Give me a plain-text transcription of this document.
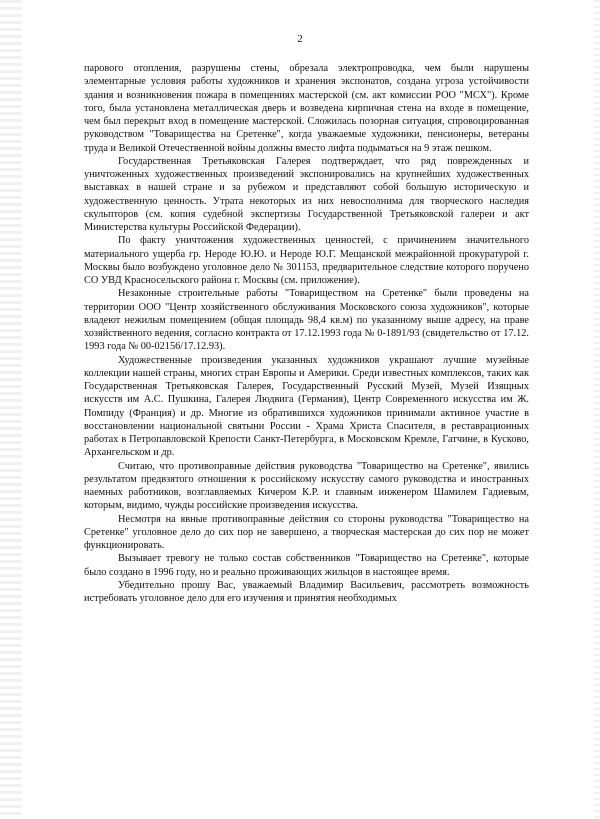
2

парового отопления, разрушены стены, обрезала электропроводка, чем были нарушены элементарные условия работы художников и хранения экспонатов, создана угроза устойчивости здания и возникновения пожара в помещениях мастерской (см. акт комиссии РОО "МСХ"). Кроме того, была установлена металлическая дверь и возведена кирпичная стена на входе в помещение, чем был перекрыт вход в помещение мастерской. Сложилась позорная ситуация, спровоцированная руководством "Товарищества на Сретенке", когда уважаемые художники, пенсионеры, ветераны труда и Великой Отечественной войны должны вместо лифта подыматься на 9 этаж пешком.

Государственная Третьяковская Галерея подтверждает, что ряд поврежденных и уничтоженных художественных произведений экспонировались на крупнейших художественных выставках в нашей стране и за рубежом и представляют собой большую историческую и художественную ценность. Утрата некоторых из них невосполнима для творческого наследия скульпторов (см. копия судебной экспертизы Государственной Третьяковской галереи и акт Министерства культуры Российской Федерации).

По факту уничтожения художественных ценностей, с причинением значительного материального ущерба гр. Нероде Ю.Ю. и Нероде Ю.Г. Мещанской межрайонной прокуратурой г. Москвы было возбуждено уголовное дело № 301153, предварительное следствие которого поручено СО УВД Красносельского района г. Москвы (см. приложение).

Незаконные строительные работы "Товариществом на Сретенке" были проведены на территории ООО "Центр хозяйственного обслуживания Московского союза художников", которые владеют нежилым помещением (общая площадь 98,4 кв.м) по указанному выше адресу, на праве хозяйственного ведения, согласно контракта от 17.12.1993 года № 0-1891/93 (свидетельство от 17.12. 1993 года № 00-02156/17.12.93).

Художественные произведения указанных художников украшают лучшие музейные коллекции нашей страны, многих стран Европы и Америки. Среди известных комплексов, таких как Государственная Третьяковская Галерея, Государственный Русский Музей, Музей Изящных искусств им А.С. Пушкина, Галерея Людвига (Германия), Центр Современного искусства им Ж. Помпиду (Франция) и др. Многие из обратившихся художников принимали активное участие в восстановлении национальной святыни России - Храма Христа Спасителя, в реставрационных работах в Петропавловской Крепости Санкт-Петербурга, в Московском Кремле, Гатчине, в Кусково, Архангельском и др.

Считаю, что противоправные действия руководства "Товарищество на Сретенке", явились результатом предвзятого отношения к российскому искусству самого руководства и иностранных наемных работников, возглавляемых Кичером К.Р. и главным инженером Шамилем Гадиевым, которым, видимо, чужды российские произведения искусства.

Несмотря на явные противоправные действия со стороны руководства "Товарищество на Сретенке" уголовное дело до сих пор не завершено, а творческая мастерская до сих пор не может функционировать.

Вызывает тревогу не только состав собственников "Товарищество на Сретенке", которые было создано в 1996 году, но и реально проживающих жильцов в настоящее время.

Убедительно прошу Вас, уважаемый Владимир Васильевич, рассмотреть возможность истребовать уголовное дело для его изучения и принятия необходимых
